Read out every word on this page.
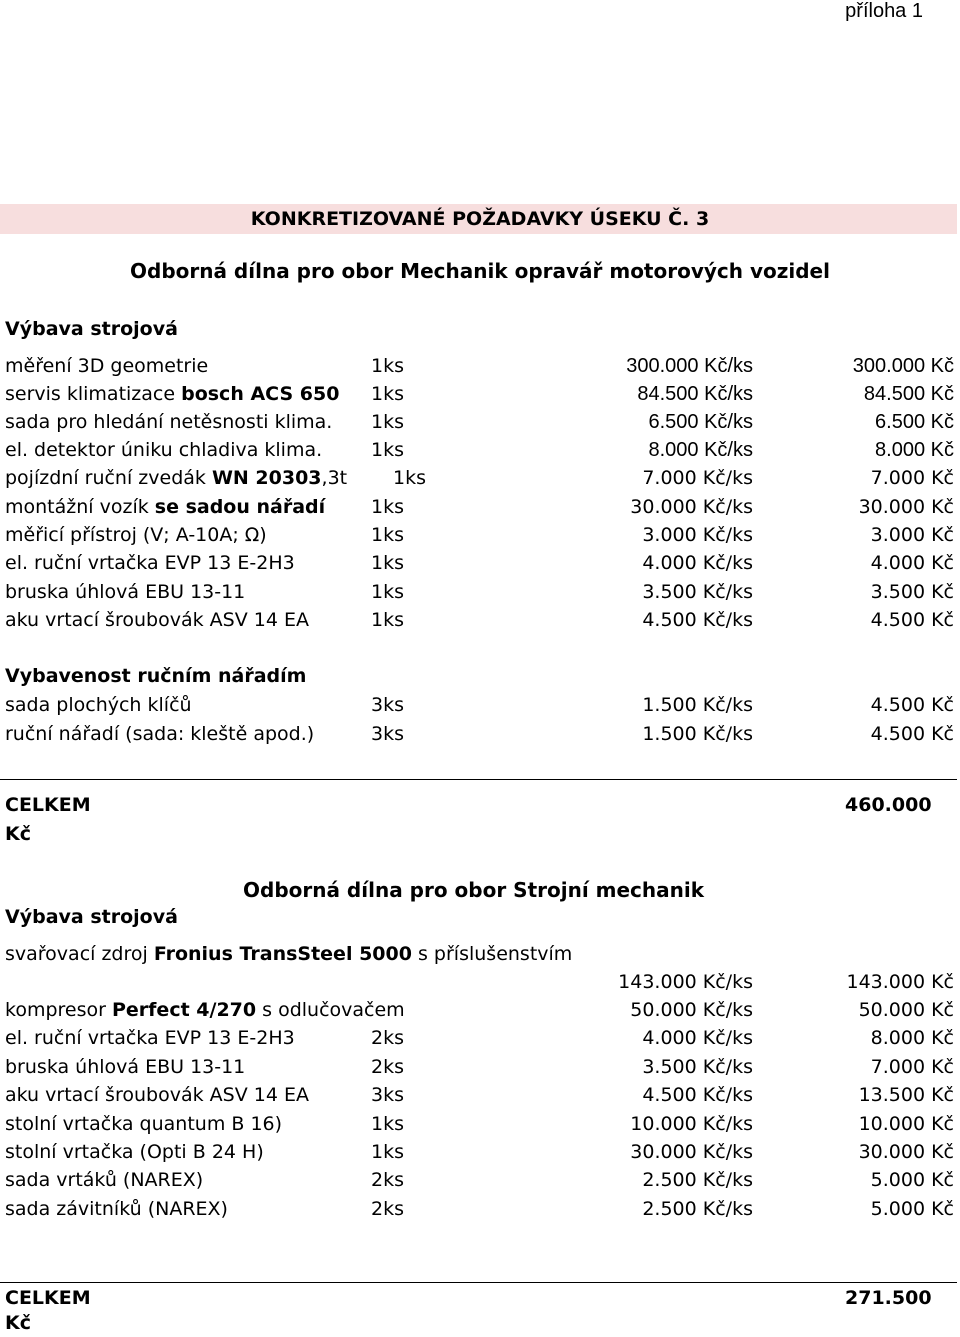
příloha 1
KONKRETIZOVANÉ POŽADAVKY ÚSEKU Č. 3
Odborná dílna pro obor Mechanik opravář motorových vozidel
Výbava strojová
měření 3D geometrie	1ks	300.000 Kč/ks	300.000 Kč
servis klimatizace bosch ACS 650 1ks	84.500 Kč/ks	84.500 Kč
sada pro hledání netěsnosti klima. 1ks	6.500 Kč/ks	6.500 Kč
el. detektor úniku chladiva klima.	1ks	8.000 Kč/ks	8.000 Kč
pojízdní ruční zvedák WN 20303,3t 1ks	7.000 Kč/ks	7.000 Kč
montážní vozík se sadou nářadí 1ks	30.000 Kč/ks	30.000 Kč
měřicí přístroj (V; A-10A; Ω)	1ks	3.000 Kč/ks	3.000 Kč
el. ruční vrtačka EVP 13 E-2H3	1ks	4.000 Kč/ks	4.000 Kč
bruska úhlová EBU 13-11	1ks	3.500 Kč/ks	3.500 Kč
aku vrtací šroubovák ASV 14 EA	1ks	4.500 Kč/ks	4.500 Kč
Vybavenost ručním nářadím
sada plochých klíčů	3ks	1.500 Kč/ks	4.500 Kč
ruční nářadí (sada: kleště apod.)	3ks	1.500 Kč/ks	4.500 Kč
CELKEM	460.000
Kč
Odborná dílna pro obor Strojní mechanik
Výbava strojová
svařovací zdroj Fronius TransSteel 5000 s příslušenstvím
143.000 Kč/ks	143.000 Kč
kompresor Perfect 4/270 s odlučovačem	50.000 Kč/ks	50.000 Kč
el. ruční vrtačka EVP 13 E-2H3	2ks	4.000 Kč/ks	8.000 Kč
bruska úhlová EBU 13-11	2ks	3.500 Kč/ks	7.000 Kč
aku vrtací šroubovák ASV 14 EA	3ks	4.500 Kč/ks	13.500 Kč
stolní vrtačka quantum B 16)	1ks	10.000 Kč/ks	10.000 Kč
stolní vrtačka (Opti B 24 H)	1ks	30.000 Kč/ks	30.000 Kč
sada vrtáků (NAREX)	2ks	2.500 Kč/ks	5.000 Kč
sada závitníků (NAREX)	2ks	2.500 Kč/ks	5.000 Kč
CELKEM	271.500
Kč
